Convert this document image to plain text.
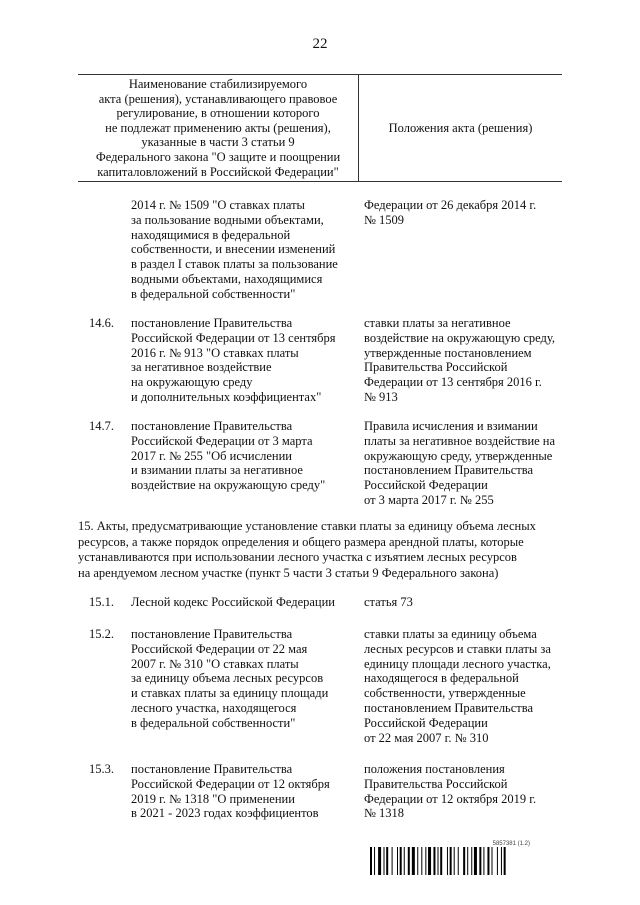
22
Наименование стабилизируемого
акта (решения), устанавливающего правовое
регулирование, в отношении которого
не подлежат применению акты (решения),
указанные в части 3 статьи 9
Федерального закона "О защите и поощрении
капиталовложений в Российской Федерации"
Положения акта (решения)
2014 г. № 1509 "О ставках платы
за пользование водными объектами,
находящимися в федеральной
собственности, и внесении изменений
в раздел I ставок платы за пользование
водными объектами, находящимися
в федеральной собственности"
Федерации от 26 декабря 2014 г.
№ 1509
14.6. постановление Правительства
Российской Федерации от 13 сентября
2016 г. № 913 "О ставках платы
за негативное воздействие
на окружающую среду
и дополнительных коэффициентах"
ставки платы за негативное
воздействие на окружающую среду,
утвержденные постановлением
Правительства Российской
Федерации от 13 сентября 2016 г.
№ 913
14.7. постановление Правительства
Российской Федерации от 3 марта
2017 г. № 255 "Об исчислении
и взимании платы за негативное
воздействие на окружающую среду"
Правила исчисления и взимании
платы за негативное воздействие на
окружающую среду, утвержденные
постановлением Правительства
Российской Федерации
от 3 марта 2017 г. № 255
15. Акты, предусматривающие установление ставки платы за единицу объема лесных
ресурсов, а также порядок определения и общего размера арендной платы, которые
устанавливаются при использовании лесного участка с изъятием лесных ресурсов
на арендуемом лесном участке (пункт 5 части 3 статьи 9 Федерального закона)
15.1. Лесной кодекс Российской Федерации статья 73
15.2. постановление Правительства
Российской Федерации от 22 мая
2007 г. № 310 "О ставках платы
за единицу объема лесных ресурсов
и ставках платы за единицу площади
лесного участка, находящегося
в федеральной собственности"
ставки платы за единицу объема
лесных ресурсов и ставки платы за
единицу площади лесного участка,
находящегося в федеральной
собственности, утвержденные
постановлением Правительства
Российской Федерации
от 22 мая 2007 г. № 310
15.3. постановление Правительства
Российской Федерации от 12 октября
2019 г. № 1318 "О применении
в 2021 - 2023 годах коэффициентов
положения постановления
Правительства Российской
Федерации от 12 октября 2019 г.
№ 1318
5857381 (1.2)
